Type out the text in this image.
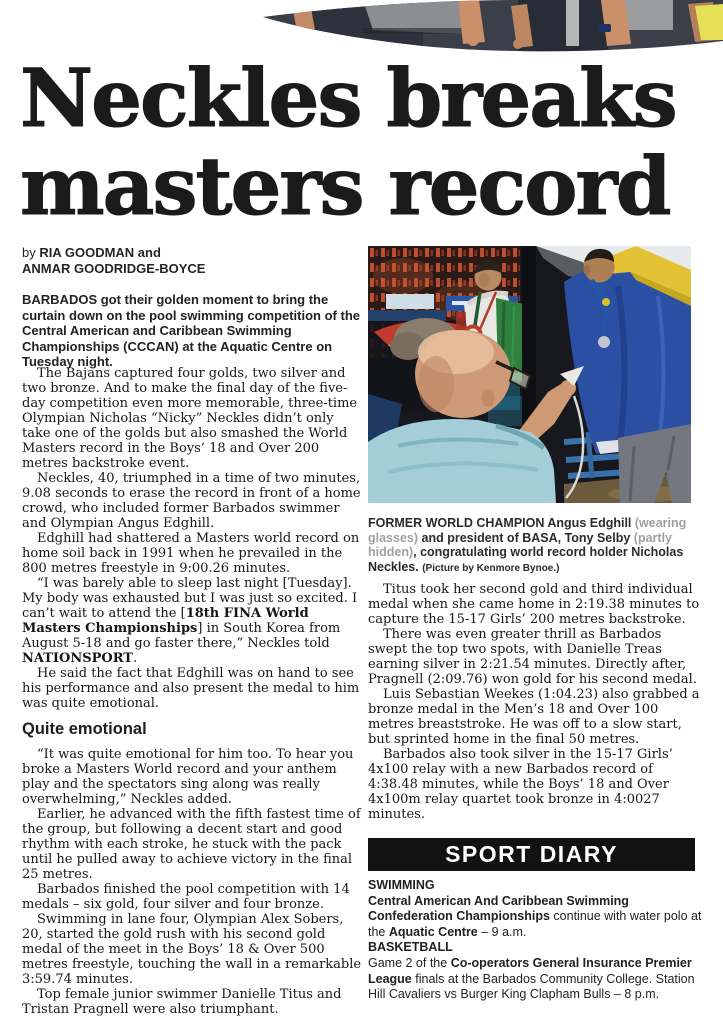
Neckles breaks
masters record
by RIA GOODMAN and
ANMAR GOODRIDGE-BOYCE
BARBADOS got their golden moment to bring the curtain down on the pool swimming competition of the Central American and Caribbean Swimming Championships (CCCAN) at the Aquatic Centre on Tuesday night.

The Bajans captured four golds, two silver and two bronze. And to make the final day of the five-day competition even more memorable, three-time Olympian Nicholas “Nicky” Neckles didn’t only take one of the golds but also smashed the World Masters record in the Boys’ 18 and Over 200 metres backstroke event.

Neckles, 40, triumphed in a time of two minutes, 9.08 seconds to erase the record in front of a home crowd, who included former Barbados swimmer and Olympian Angus Edghill.

Edghill had shattered a Masters world record on home soil back in 1991 when he prevailed in the 800 metres freestyle in 9:00.26 minutes.

“I was barely able to sleep last night [Tuesday]. My body was exhausted but I was just so excited. I can’t wait to attend the [18th FINA World Masters Championships] in South Korea from August 5-18 and go faster there,” Neckles told NATIONSPORT.

He said the fact that Edghill was on hand to see his performance and also present the medal to him was quite emotional.

Quite emotional

“It was quite emotional for him too. To hear you broke a Masters World record and your anthem play and the spectators sing along was really overwhelming,” Neckles added.

Earlier, he advanced with the fifth fastest time of the group, but following a decent start and good rhythm with each stroke, he stuck with the pack until he pulled away to achieve victory in the final 25 metres.

Barbados finished the pool competition with 14 medals – six gold, four silver and four bronze.

Swimming in lane four, Olympian Alex Sobers, 20, started the gold rush with his second gold medal of the meet in the Boys’ 18 & Over 500 metres freestyle, touching the wall in a remarkable 3:59.74 minutes.

Top female junior swimmer Danielle Titus and Tristan Pragnell were also triumphant.

FORMER WORLD CHAMPION Angus Edghill (wearing glasses) and president of BASA, Tony Selby (partly hidden), congratulating world record holder Nicholas Neckles. (Picture by Kenmore Bynoe.)

Titus took her second gold and third individual medal when she came home in 2:19.38 minutes to capture the 15-17 Girls’ 200 metres backstroke.

There was even greater thrill as Barbados swept the top two spots, with Danielle Treas earning silver in 2:21.54 minutes. Directly after, Pragnell (2:09.76) won gold for his second medal.

Luis Sebastian Weekes (1:04.23) also grabbed a bronze medal in the Men’s 18 and Over 100 metres breaststroke. He was off to a slow start, but sprinted home in the final 50 metres.

Barbados also took silver in the 15-17 Girls’ 4x100 relay with a new Barbados record of 4:38.48 minutes, while the Boys’ 18 and Over 4x100m relay quartet took bronze in 4:0027 minutes.

SPORT DIARY
SWIMMING
Central American And Caribbean Swimming Confederation Championships continue with water polo at the Aquatic Centre – 9 a.m.
BASKETBALL
Game 2 of the Co-operators General Insurance Premier League finals at the Barbados Community College. Station Hill Cavaliers vs Burger King Clapham Bulls – 8 p.m.
